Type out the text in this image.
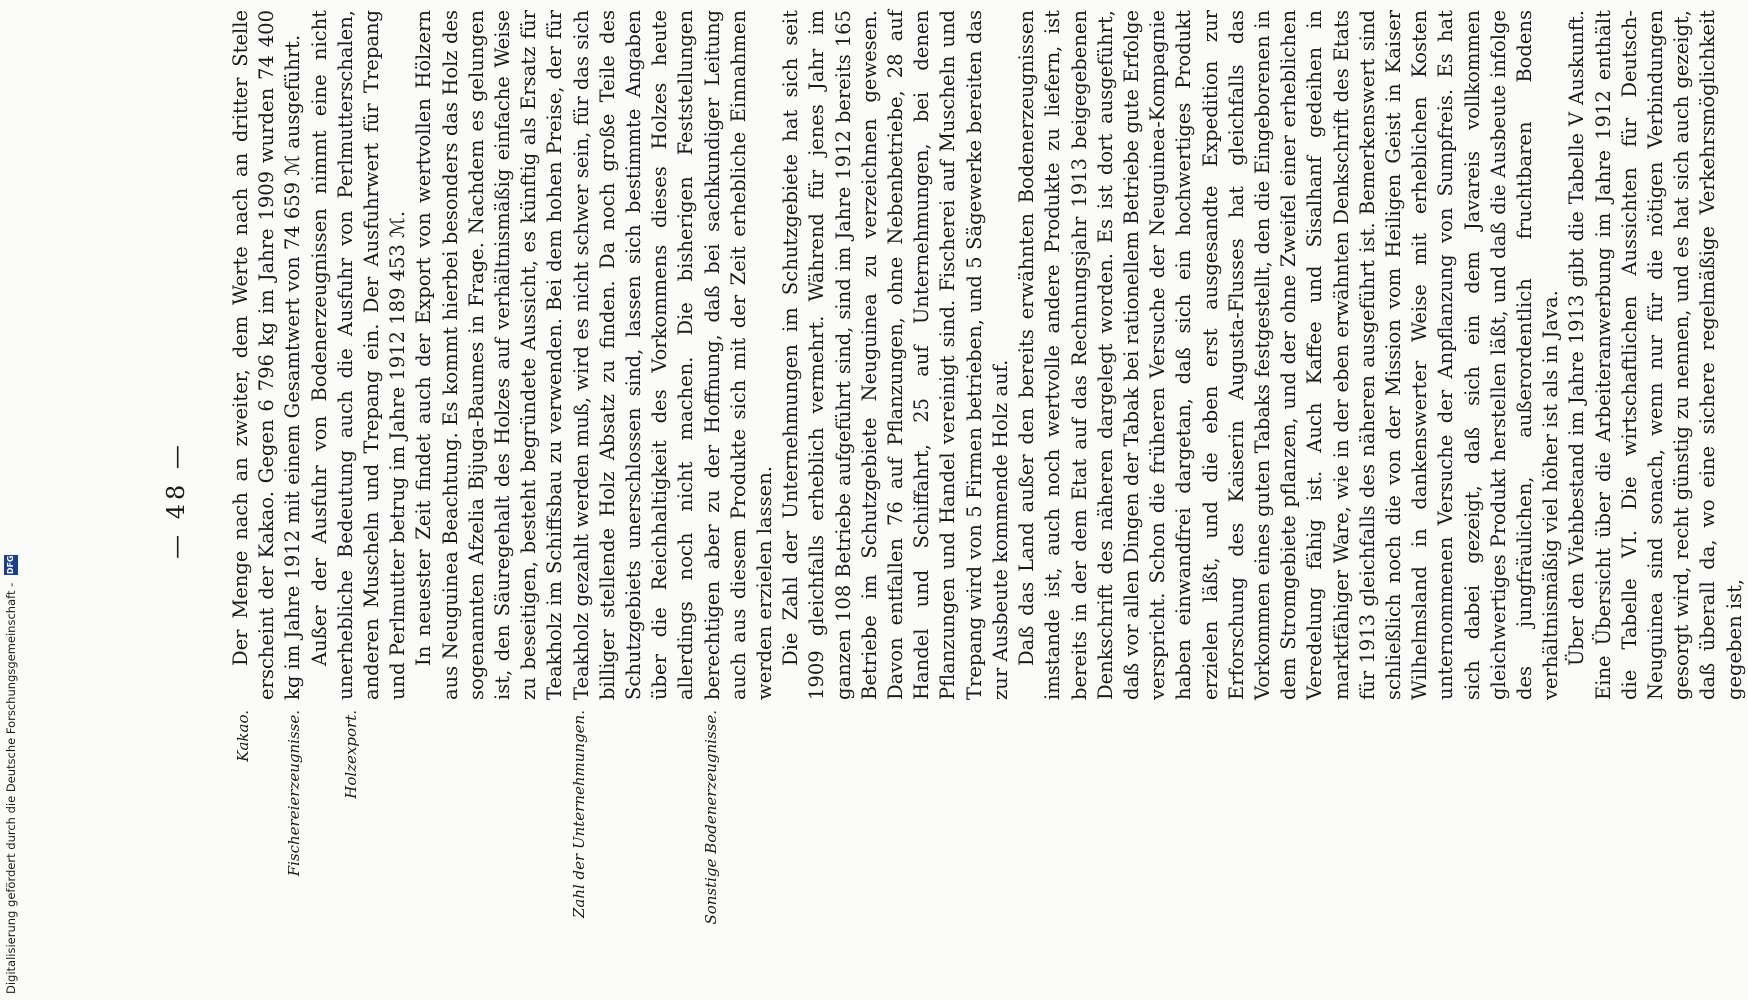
— 48 —
Kakao. Fischereierzeugnisse.	Holzexport.	Zahl der Unternehmungen.	Sonstige Bodenerzeugnisse.

Der Menge nach an zweiter, dem Werte nach an dritter Stelle erscheint der Kakao. Gegen 6 796 kg im Jahre 1909 wurden 74 400 kg im Jahre 1912 mit einem Gesamtwert von 74 659 ℳ ausgeführt. Außer der Ausfuhr von Bodenerzeugnissen nimmt eine nicht unerhebliche Bedeutung auch die Ausfuhr von Perlmutterschalen, anderen Muscheln und Trepang ein. Der Ausfuhrwert für Trepang und Perlmutter betrug im Jahre 1912 189 453 ℳ. In neuester Zeit findet auch der Export von wertvollen Hölzern aus Neuguinea Beachtung. Es kommt hierbei besonders das Holz des sogenannten Afzelia Bijuga-Baumes in Frage. Nachdem es gelungen ist, den Säuregehalt des Holzes auf verhältnismäßig einfache Weise zu beseitigen, besteht begründete Aussicht, es künftig als Ersatz für Teakholz im Schiffsbau zu verwenden. Bei dem hohen Preise, der für Teakholz gezahlt werden muß, wird es nicht schwer sein, für das sich billiger stellende Holz Absatz zu finden. Da noch große Teile des Schutzgebiets unerschlossen sind, lassen sich bestimmte Angaben über die Reichhaltigkeit des Vorkommens dieses Holzes heute allerdings noch nicht machen. Die bisherigen Feststellungen berechtigen aber zu der Hoffnung, daß bei sachkundiger Leitung auch aus diesem Produkte sich mit der Zeit erhebliche Einnahmen werden erzielen lassen. Die Zahl der Unternehmungen im Schutzgebiete hat sich seit 1909 gleichfalls erheblich vermehrt. Während für jenes Jahr im ganzen 108 Betriebe aufgeführt sind, sind im Jahre 1912 bereits 165 Betriebe im Schutzgebiete Neuguinea zu verzeichnen gewesen. Davon entfallen 76 auf Pflanzungen, ohne Nebenbetriebe, 28 auf Handel und Schiffahrt, 25 auf Unternehmungen, bei denen Pflanzungen und Handel vereinigt sind. Fischerei auf Muscheln und Trepang wird von 5 Firmen betrieben, und 5 Sägewerke bereiten das zur Ausbeute kommende Holz auf. Daß das Land außer den bereits erwähnten Bodenerzeugnissen imstande ist, auch noch wertvolle andere Produkte zu liefern, ist bereits in der dem Etat auf das Rechnungsjahr 1913 beigegebenen Denkschrift des näheren dargelegt worden. Es ist dort ausgeführt, daß vor allen Dingen der Tabak bei rationellem Betriebe gute Erfolge verspricht. Schon die früheren Versuche der Neuguinea-Kompagnie haben einwandfrei dargetan, daß sich ein hochwertiges Produkt erzielen läßt, und die eben erst ausgesandte Expedition zur Erforschung des Kaiserin Augusta-Flusses hat gleichfalls das Vorkommen eines guten Tabaks festgestellt, den die Eingeborenen in dem Stromgebiete pflanzen, und der ohne Zweifel einer erheblichen Veredelung fähig ist. Auch Kaffee und Sisalhanf gedeihen in marktfähiger Ware, wie in der eben erwähnten Denkschrift des Etats für 1913 gleichfalls des näheren ausgeführt ist. Bemerkenswert sind schließlich noch die von der Mission vom Heiligen Geist in Kaiser Wilhelmsland in dankenswerter Weise mit erheblichen Kosten unternommenen Versuche der Anpflanzung von Sumpfreis. Es hat sich dabei gezeigt, daß sich ein dem Javareis vollkommen gleichwertiges Produkt herstellen läßt, und daß die Ausbeute infolge des jungfräulichen, außerordentlich fruchtbaren Bodens verhältnismäßig viel höher ist als in Java. Über den Viehbestand im Jahre 1913 gibt die Tabelle V Auskunft. Eine Übersicht über die Arbeiteranwerbung im Jahre 1912 enthält die Tabelle VI. Die wirtschaftlichen Aussichten für Deutsch-Neuguinea sind sonach, wenn nur für die nötigen Verbindungen gesorgt wird, recht günstig zu nennen, und es hat sich auch gezeigt, daß überall da, wo eine sichere regelmäßige Verkehrsmöglichkeit gegeben ist,

Digitalisierung gefördert durch die Deutsche Forschungsgemeinschaft -
DFG
